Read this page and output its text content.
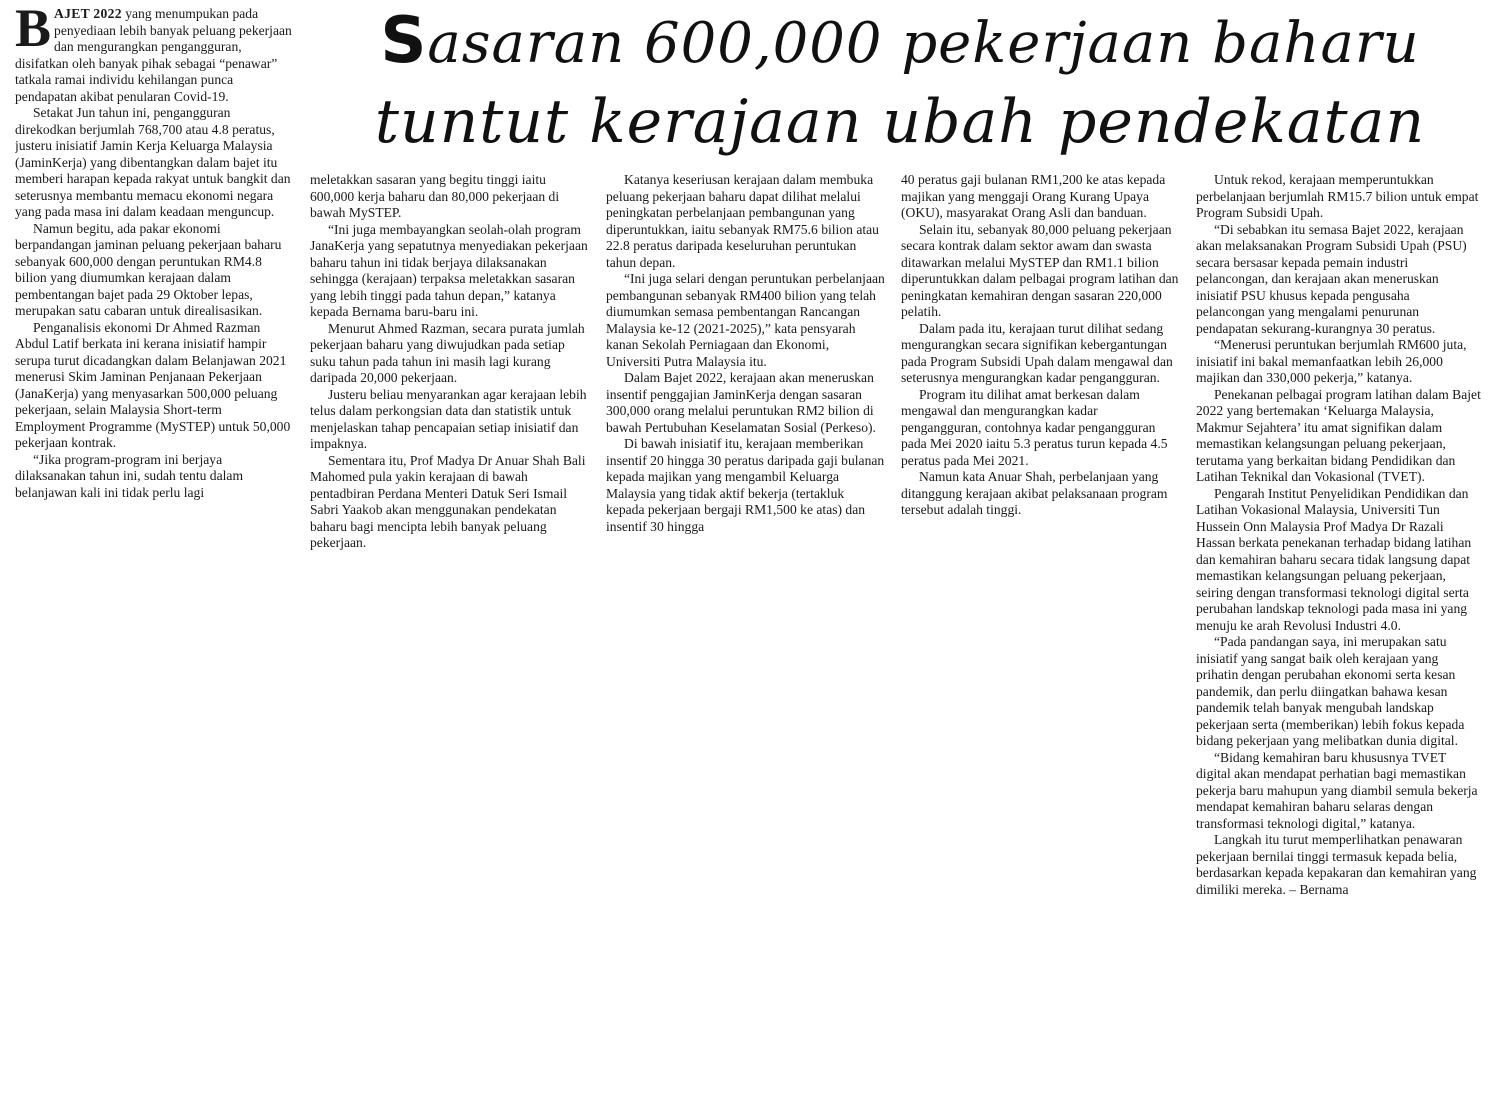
Sasaran 600,000 pekerjaan baharu
tuntut kerajaan ubah pendekatan

BAJET 2022 yang menumpukan pada penyediaan lebih banyak peluang pekerjaan dan mengurangkan pengangguran, disifatkan oleh banyak pihak sebagai “penawar” tatkala ramai individu kehilangan punca pendapatan akibat penularan Covid-19.

Setakat Jun tahun ini, pengangguran direkodkan berjumlah 768,700 atau 4.8 peratus, justeru inisiatif Jamin Kerja Keluarga Malaysia (JaminKerja) yang dibentangkan dalam bajet itu memberi harapan kepada rakyat untuk bangkit dan seterusnya membantu memacu ekonomi negara yang pada masa ini dalam keadaan menguncup.

Namun begitu, ada pakar ekonomi berpandangan jaminan peluang pekerjaan baharu sebanyak 600,000 dengan peruntukan RM4.8 bilion yang diumumkan kerajaan dalam pembentangan bajet pada 29 Oktober lepas, merupakan satu cabaran untuk direalisasikan.

Penganalisis ekonomi Dr Ahmed Razman Abdul Latif berkata ini kerana inisiatif hampir serupa turut dicadangkan dalam Belanjawan 2021 menerusi Skim Jaminan Penjanaan Pekerjaan (JanaKerja) yang menyasarkan 500,000 peluang pekerjaan, selain Malaysia Short-term Employment Programme (MySTEP) untuk 50,000 pekerjaan kontrak.

“Jika program-program ini berjaya dilaksanakan tahun ini, sudah tentu dalam belanjawan kali ini tidak perlu lagi

meletakkan sasaran yang begitu tinggi iaitu 600,000 kerja baharu dan 80,000 pekerjaan di bawah MySTEP.

“Ini juga membayangkan seolah-olah program JanaKerja yang sepatutnya menyediakan pekerjaan baharu tahun ini tidak berjaya dilaksanakan sehingga (kerajaan) terpaksa meletakkan sasaran yang lebih tinggi pada tahun depan,” katanya kepada Bernama baru-baru ini.

Menurut Ahmed Razman, secara purata jumlah pekerjaan baharu yang diwujudkan pada setiap suku tahun pada tahun ini masih lagi kurang daripada 20,000 pekerjaan.

Justeru beliau menyarankan agar kerajaan lebih telus dalam perkongsian data dan statistik untuk menjelaskan tahap pencapaian setiap inisiatif dan impaknya.

Sementara itu, Prof Madya Dr Anuar Shah Bali Mahomed pula yakin kerajaan di bawah pentadbiran Perdana Menteri Datuk Seri Ismail Sabri Yaakob akan menggunakan pendekatan baharu bagi mencipta lebih banyak peluang pekerjaan.

Katanya keseriusan kerajaan dalam membuka peluang pekerjaan baharu dapat dilihat melalui peningkatan perbelanjaan pembangunan yang diperuntukkan, iaitu sebanyak RM75.6 bilion atau 22.8 peratus daripada keseluruhan peruntukan tahun depan.

“Ini juga selari dengan peruntukan perbelanjaan pembangunan sebanyak RM400 bilion yang telah diumumkan semasa pembentangan Rancangan Malaysia ke-12 (2021-2025),” kata pensyarah kanan Sekolah Perniagaan dan Ekonomi, Universiti Putra Malaysia itu.

Dalam Bajet 2022, kerajaan akan meneruskan insentif penggajian JaminKerja dengan sasaran 300,000 orang melalui peruntukan RM2 bilion di bawah Pertubuhan Keselamatan Sosial (Perkeso).

Di bawah inisiatif itu, kerajaan memberikan insentif 20 hingga 30 peratus daripada gaji bulanan kepada majikan yang mengambil Keluarga Malaysia yang tidak aktif bekerja (tertakluk kepada pekerjaan bergaji RM1,500 ke atas) dan insentif 30 hingga

40 peratus gaji bulanan RM1,200 ke atas kepada majikan yang menggaji Orang Kurang Upaya (OKU), masyarakat Orang Asli dan banduan.

Selain itu, sebanyak 80,000 peluang pekerjaan secara kontrak dalam sektor awam dan swasta ditawarkan melalui MySTEP dan RM1.1 bilion diperuntukkan dalam pelbagai program latihan dan peningkatan kemahiran dengan sasaran 220,000 pelatih.

Dalam pada itu, kerajaan turut dilihat sedang mengurangkan secara signifikan kebergantungan pada Program Subsidi Upah dalam mengawal dan seterusnya mengurangkan kadar pengangguran.

Program itu dilihat amat berkesan dalam mengawal dan mengurangkan kadar pengangguran, contohnya kadar pengangguran pada Mei 2020 iaitu 5.3 peratus turun kepada 4.5 peratus pada Mei 2021.

Namun kata Anuar Shah, perbelanjaan yang ditanggung kerajaan akibat pelaksanaan program tersebut adalah tinggi.

Untuk rekod, kerajaan memperuntukkan perbelanjaan berjumlah RM15.7 bilion untuk empat Program Subsidi Upah.

“Di sebabkan itu semasa Bajet 2022, kerajaan akan melaksanakan Program Subsidi Upah (PSU) secara bersasar kepada pemain industri pelancongan, dan kerajaan akan meneruskan inisiatif PSU khusus kepada pengusaha pelancongan yang mengalami penurunan pendapatan sekurang-kurangnya 30 peratus.

“Menerusi peruntukan berjumlah RM600 juta, inisiatif ini bakal memanfaatkan lebih 26,000 majikan dan 330,000 pekerja,” katanya.

Penekanan pelbagai program latihan dalam Bajet 2022 yang bertemakan ‘Keluarga Malaysia, Makmur Sejahtera’ itu amat signifikan dalam memastikan kelangsungan peluang pekerjaan, terutama yang berkaitan bidang Pendidikan dan Latihan Teknikal dan Vokasional (TVET).

Pengarah Institut Penyelidikan Pendidikan dan Latihan Vokasional Malaysia, Universiti Tun Hussein Onn Malaysia Prof Madya Dr Razali Hassan berkata penekanan terhadap bidang latihan dan kemahiran baharu secara tidak langsung dapat memastikan kelangsungan peluang pekerjaan, seiring dengan transformasi teknologi digital serta perubahan landskap teknologi pada masa ini yang menuju ke arah Revolusi Industri 4.0.

“Pada pandangan saya, ini merupakan satu inisiatif yang sangat baik oleh kerajaan yang prihatin dengan perubahan ekonomi serta kesan pandemik, dan perlu diingatkan bahawa kesan pandemik telah banyak mengubah landskap pekerjaan serta (memberikan) lebih fokus kepada bidang pekerjaan yang melibatkan dunia digital.

“Bidang kemahiran baru khususnya TVET digital akan mendapat perhatian bagi memastikan pekerja baru mahupun yang diambil semula bekerja mendapat kemahiran baharu selaras dengan transformasi teknologi digital,” katanya.

Langkah itu turut memperlihatkan penawaran pekerjaan bernilai tinggi termasuk kepada belia, berdasarkan kepada kepakaran dan kemahiran yang dimiliki mereka. – Bernama
